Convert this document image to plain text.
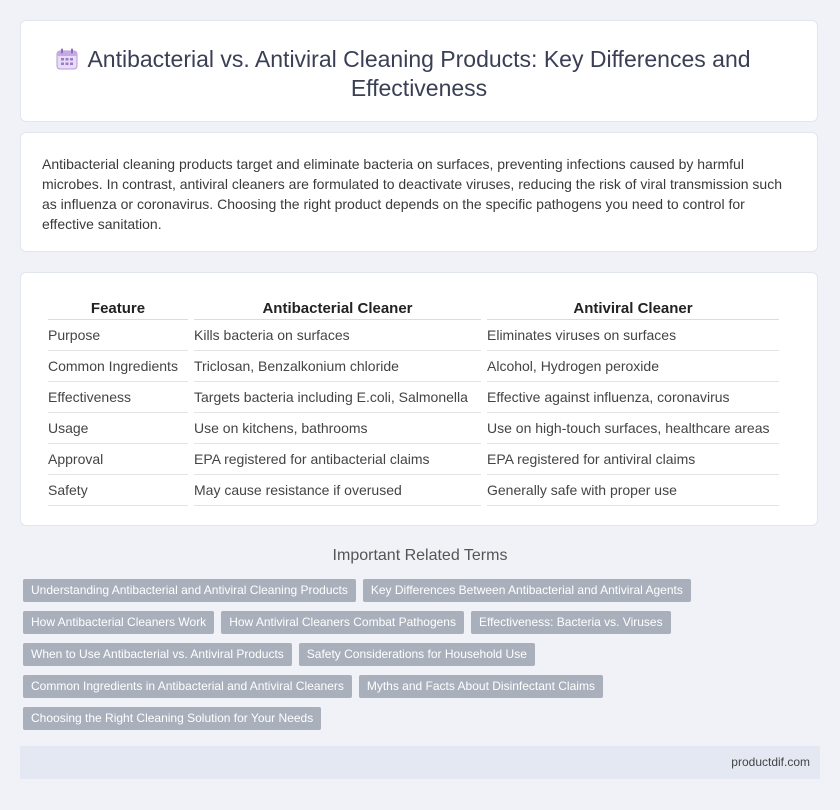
Antibacterial vs. Antiviral Cleaning Products: Key Differences and
Effectiveness

Antibacterial cleaning products target and eliminate bacteria on surfaces, preventing infections caused by harmful microbes. In contrast, antiviral cleaners are formulated to deactivate viruses, reducing the risk of viral transmission such as influenza or coronavirus. Choosing the right product depends on the specific pathogens you need to control for effective sanitation.

Feature	Antibacterial Cleaner	Antiviral Cleaner
Purpose	Kills bacteria on surfaces	Eliminates viruses on surfaces
Common Ingredients	Triclosan, Benzalkonium chloride	Alcohol, Hydrogen peroxide
Effectiveness	Targets bacteria including E.coli, Salmonella	Effective against influenza, coronavirus
Usage	Use on kitchens, bathrooms	Use on high-touch surfaces, healthcare areas
Approval	EPA registered for antibacterial claims	EPA registered for antiviral claims
Safety	May cause resistance if overused	Generally safe with proper use
Important Related Terms
Understanding Antibacterial and Antiviral Cleaning Products Key Differences Between Antibacterial and Antiviral Agents
How Antibacterial Cleaners Work How Antiviral Cleaners Combat Pathogens Effectiveness: Bacteria vs. Viruses
When to Use Antibacterial vs. Antiviral Products Safety Considerations for Household Use
Common Ingredients in Antibacterial and Antiviral Cleaners Myths and Facts About Disinfectant Claims
Choosing the Right Cleaning Solution for Your Needs
productdif.com
